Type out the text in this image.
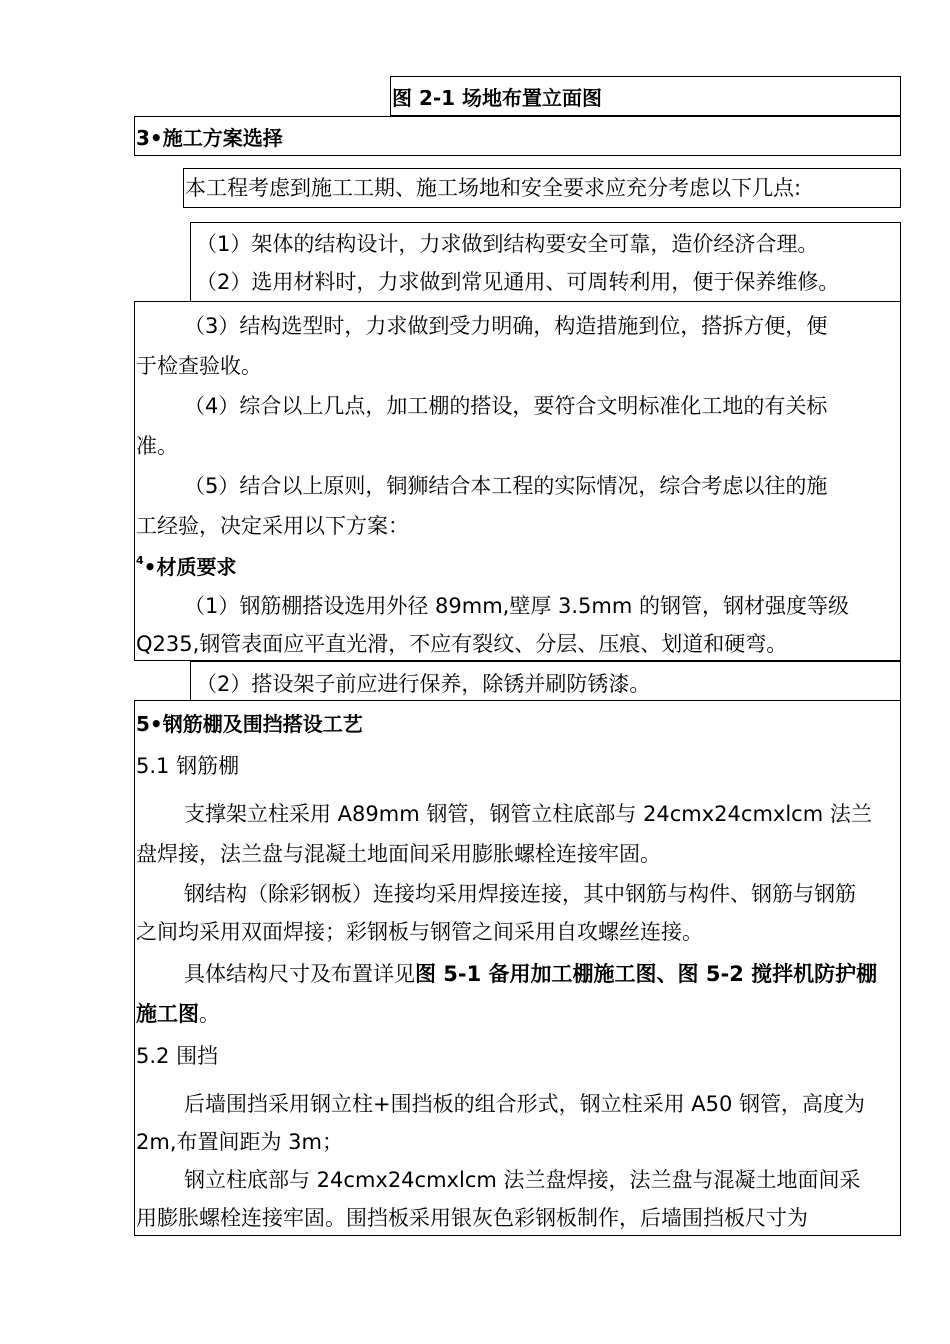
图 2-1 场地布置立面图
3•施工方案选择
本工程考虑到施工工期、施工场地和安全要求应充分考虑以下几点:
（1）架体的结构设计，力求做到结构要安全可靠，造价经济合理。
（2）选用材料时，力求做到常见通用、可周转利用，便于保养维修。
（3）结构选型时，力求做到受力明确，构造措施到位，搭拆方便，便
于检查验收。
（4）综合以上几点，加工棚的搭设，要符合文明标准化工地的有关标
准。
（5）结合以上原则，铜狮结合本工程的实际情况，综合考虑以往的施
工经验，决定采用以下方案：
$^4$•材质要求
（1）钢筋棚搭设选用外径 89mm,壁厚 3.5mm 的钢管，钢材强度等级
Q235,钢管表面应平直光滑，不应有裂纹、分层、压痕、划道和硬弯。
（2）搭设架子前应进行保养，除锈并刷防锈漆。
5•钢筋棚及围挡搭设工艺
5.1 钢筋棚
支撑架立柱采用 A89mm 钢管，钢管立柱底部与 24cmx24cmxlcm 法兰
盘焊接，法兰盘与混凝土地面间采用膨胀螺栓连接牢固。
钢结构（除彩钢板）连接均采用焊接连接，其中钢筋与构件、钢筋与钢筋
之间均采用双面焊接；彩钢板与钢管之间采用自攻螺丝连接。
具体结构尺寸及布置详见图 5-1 备用加工棚施工图、图 5-2 搅拌机防护棚
施工图。
5.2 围挡
后墙围挡采用钢立柱+围挡板的组合形式，钢立柱采用 A50 钢管，高度为
2m,布置间距为 3m；
钢立柱底部与 24cmx24cmxlcm 法兰盘焊接，法兰盘与混凝土地面间采
用膨胀螺栓连接牢固。围挡板采用银灰色彩钢板制作，后墙围挡板尺寸为
